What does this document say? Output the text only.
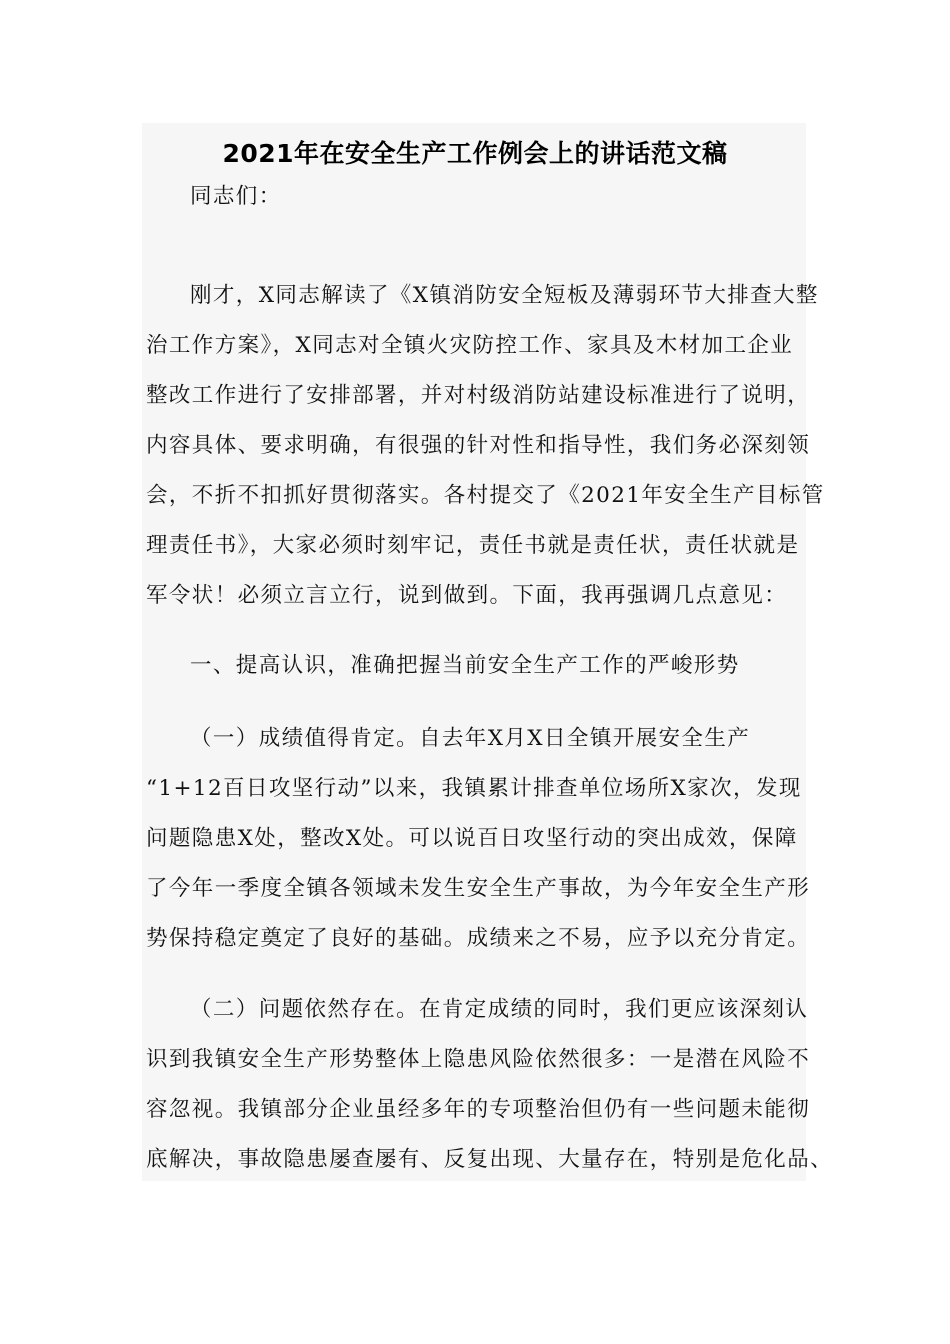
2021年在安全生产工作例会上的讲话范文稿

同志们：

刚才，X同志解读了《X镇消防安全短板及薄弱环节大排查大整

治工作方案》，X同志对全镇火灾防控工作、家具及木材加工企业

整改工作进行了安排部署，并对村级消防站建设标准进行了说明，

内容具体、要求明确，有很强的针对性和指导性，我们务必深刻领

会，不折不扣抓好贯彻落实。各村提交了《2021年安全生产目标管

理责任书》，大家必须时刻牢记，责任书就是责任状，责任状就是

军令状！必须立言立行，说到做到。下面，我再强调几点意见：

一、提高认识，准确把握当前安全生产工作的严峻形势

（一）成绩值得肯定。自去年X月X日全镇开展安全生产

“1+12百日攻坚行动”以来，我镇累计排查单位场所X家次，发现

问题隐患X处，整改X处。可以说百日攻坚行动的突出成效，保障

了今年一季度全镇各领域未发生安全生产事故，为今年安全生产形

势保持稳定奠定了良好的基础。成绩来之不易，应予以充分肯定。

（二）问题依然存在。在肯定成绩的同时，我们更应该深刻认

识到我镇安全生产形势整体上隐患风险依然很多：一是潜在风险不

容忽视。我镇部分企业虽经多年的专项整治但仍有一些问题未能彻

底解决，事故隐患屡查屡有、反复出现、大量存在，特别是危化品、
